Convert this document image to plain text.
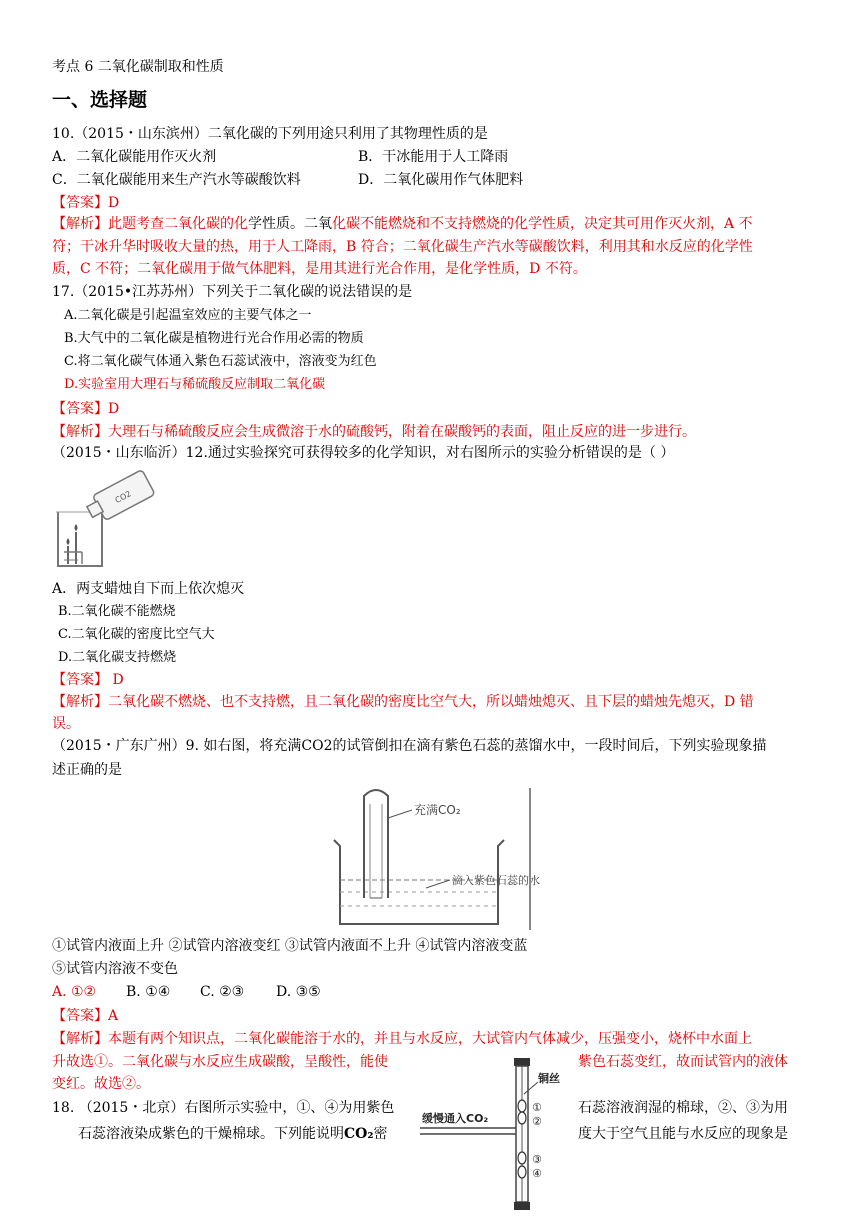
考点 6 二氧化碳制取和性质
一、选择题
10.（2015・山东滨州）二氧化碳的下列用途只利用了其物理性质的是
A．二氧化碳能用作灭火剂	B．干冰能用于人工降雨
C．二氧化碳能用来生产汽水等碳酸饮料	D．二氧化碳用作气体肥料
【答案】D
【解析】此题考查二氧化碳的化学性质。二氧化碳不能燃烧和不支持燃烧的化学性质，决定其可用作灭火剂，A 不
符；干冰升华时吸收大量的热，用于人工降雨，B 符合；二氧化碳生产汽水等碳酸饮料，利用其和水反应的化学性
质，C 不符；二氧化碳用于做气体肥料，是用其进行光合作用，是化学性质，D 不符。
17.（2015•江苏苏州）下列关于二氧化碳的说法错误的是
A.二氧化碳是引起温室效应的主要气体之一
B.大气中的二氧化碳是植物进行光合作用必需的物质
C.将二氧化碳气体通入紫色石蕊试液中，溶液变为红色
D.实验室用大理石与稀硫酸反应制取二氧化碳
【答案】D
【解析】大理石与稀硫酸反应会生成微溶于水的硫酸钙，附着在碳酸钙的表面，阻止反应的进一步进行。
（2015・山东临沂）12.通过实验探究可获得较多的化学知识，对右图所示的实验分析错误的是（ ）
CO2
A．两支蜡烛自下而上依次熄灭
B.二氧化碳不能燃烧
C.二氧化碳的密度比空气大
D.二氧化碳支持燃烧
【答案】 D
【解析】二氧化碳不燃烧、也不支持燃，且二氧化碳的密度比空气大，所以蜡烛熄灭、且下层的蜡烛先熄灭，D 错
误。
（2015・广东广州）9. 如右图，将充满CO2的试管倒扣在滴有紫色石蕊的蒸馏水中，一段时间后，下列实验现象描
述正确的是
充满CO₂
滴入紫色石蕊的水
①试管内液面上升 ②试管内溶液变红 ③试管内液面不上升 ④试管内溶液变蓝
⑤试管内溶液不变色
A. ①② B. ①④ C. ②③ D. ③⑤
【答案】A
【解析】本题有两个知识点，二氧化碳能溶于水的，并且与水反应，大试管内气体减少，压强变小，烧杯中水面上
升故选①。二氧化碳与水反应生成碳酸，呈酸性，能使	紫色石蕊变红，故而试管内的液体
变红。故选②。
18. （2015・北京）右图所示实验中，①、④为用紫色	石蕊溶液润湿的棉球，②、③为用
石蕊溶液染成紫色的干燥棉球。下列能说明CO₂密	度大于空气且能与水反应的现象是
铜丝
缓慢通入CO₂
①
②
③
④
